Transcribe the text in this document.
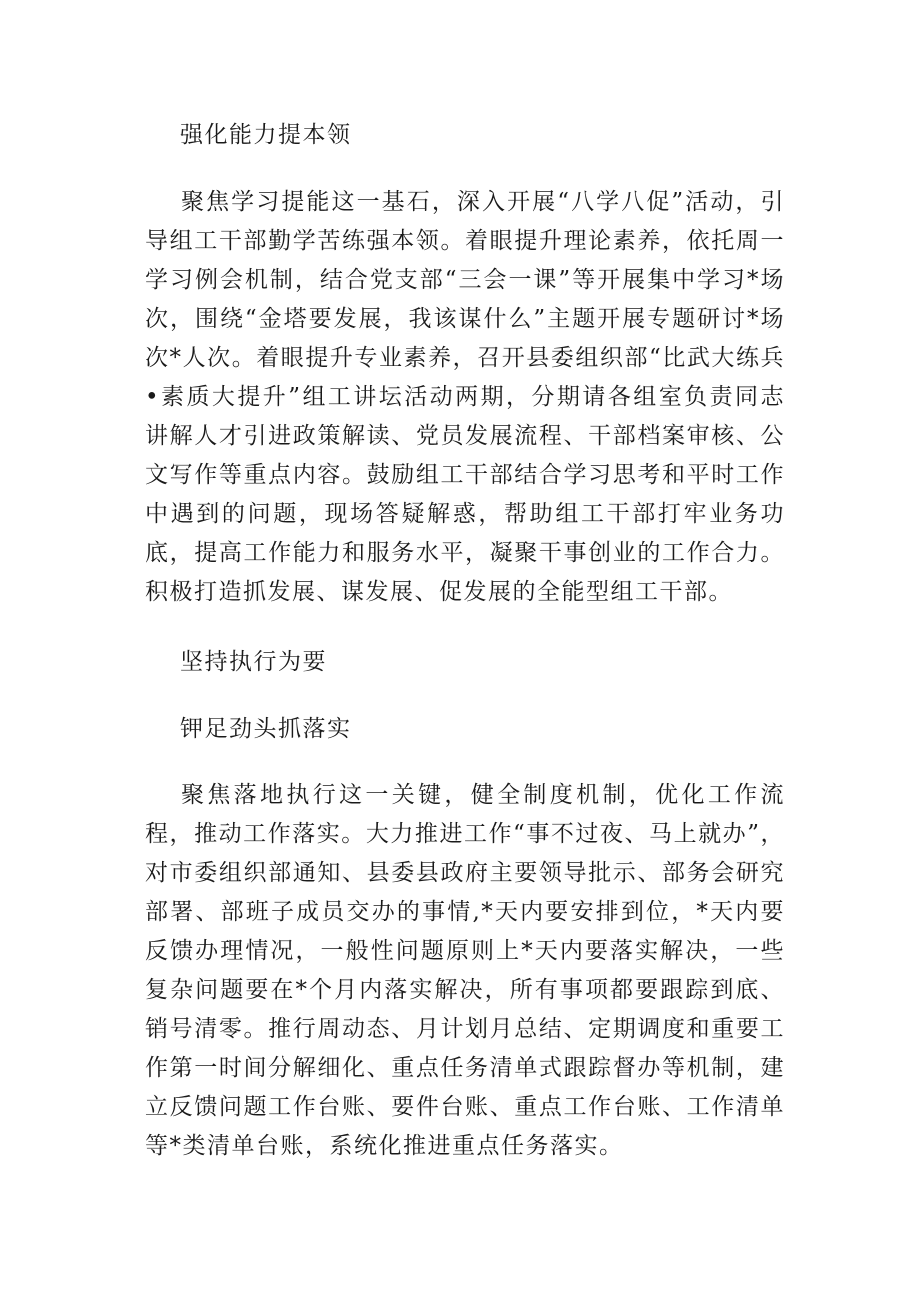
强化能力提本领

聚焦学习提能这一基石，深入开展“八学八促”活动，引导组工干部勤学苦练强本领。着眼提升理论素养，依托周一学习例会机制，结合党支部“三会一课”等开展集中学习*场次，围绕“金塔要发展，我该谋什么”主题开展专题研讨*场次*人次。着眼提升专业素养，召开县委组织部“比武大练兵•素质大提升”组工讲坛活动两期，分期请各组室负责同志讲解人才引进政策解读、党员发展流程、干部档案审核、公文写作等重点内容。鼓励组工干部结合学习思考和平时工作中遇到的问题，现场答疑解惑，帮助组工干部打牢业务功底，提高工作能力和服务水平，凝聚干事创业的工作合力。积极打造抓发展、谋发展、促发展的全能型组工干部。

坚持执行为要
钾足劲头抓落实

聚焦落地执行这一关键，健全制度机制，优化工作流程，推动工作落实。大力推进工作“事不过夜、马上就办”，对市委组织部通知、县委县政府主要领导批示、部务会研究部署、部班子成员交办的事情,*天内要安排到位，*天内要反馈办理情况，一般性问题原则上*天内要落实解决，一些复杂问题要在*个月内落实解决，所有事项都要跟踪到底、销号清零。推行周动态、月计划月总结、定期调度和重要工作第一时间分解细化、重点任务清单式跟踪督办等机制，建立反馈问题工作台账、要件台账、重点工作台账、工作清单等*类清单台账，系统化推进重点任务落实。
